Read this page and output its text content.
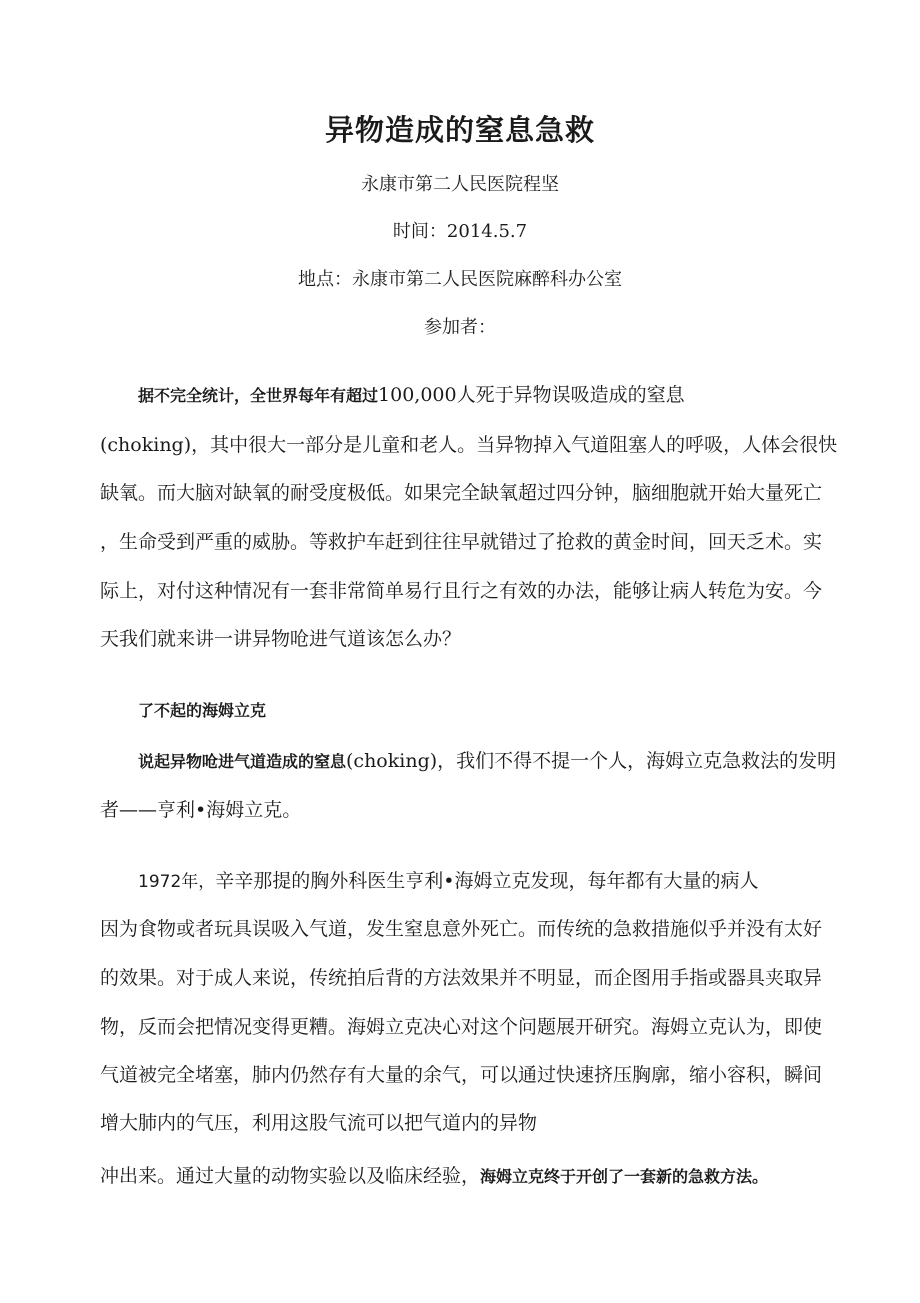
异物造成的窒息急救

永康市第二人民医院程坚

时间：2014.5.7

地点：永康市第二人民医院麻醉科办公室

参加者：

据不完全统计，全世界每年有超过100,000人死于异物误吸造成的窒息

(choking)，其中很大一部分是儿童和老人。当异物掉入气道阻塞人的呼吸，人体会很快

缺氧。而大脑对缺氧的耐受度极低。如果完全缺氧超过四分钟，脑细胞就开始大量死亡

，生命受到严重的威胁。等救护车赶到往往早就错过了抢救的黄金时间，回天乏术。实

际上，对付这种情况有一套非常简单易行且行之有效的办法，能够让病人转危为安。今

天我们就来讲一讲异物呛进气道该怎么办？

了不起的海姆立克

说起异物呛进气道造成的窒息(choking)，我们不得不提一个人，海姆立克急救法的发明

者——亨利•海姆立克。

1972年，辛辛那提的胸外科医生亨利•海姆立克发现，每年都有大量的病人

因为食物或者玩具误吸入气道，发生窒息意外死亡。而传统的急救措施似乎并没有太好

的效果。对于成人来说，传统拍后背的方法效果并不明显，而企图用手指或器具夹取异

物，反而会把情况变得更糟。海姆立克决心对这个问题展开研究。海姆立克认为，即使

气道被完全堵塞，肺内仍然存有大量的余气，可以通过快速挤压胸廓，缩小容积，瞬间

增大肺内的气压，利用这股气流可以把气道内的异物

冲出来。通过大量的动物实验以及临床经验，海姆立克终于开创了一套新的急救方法。
